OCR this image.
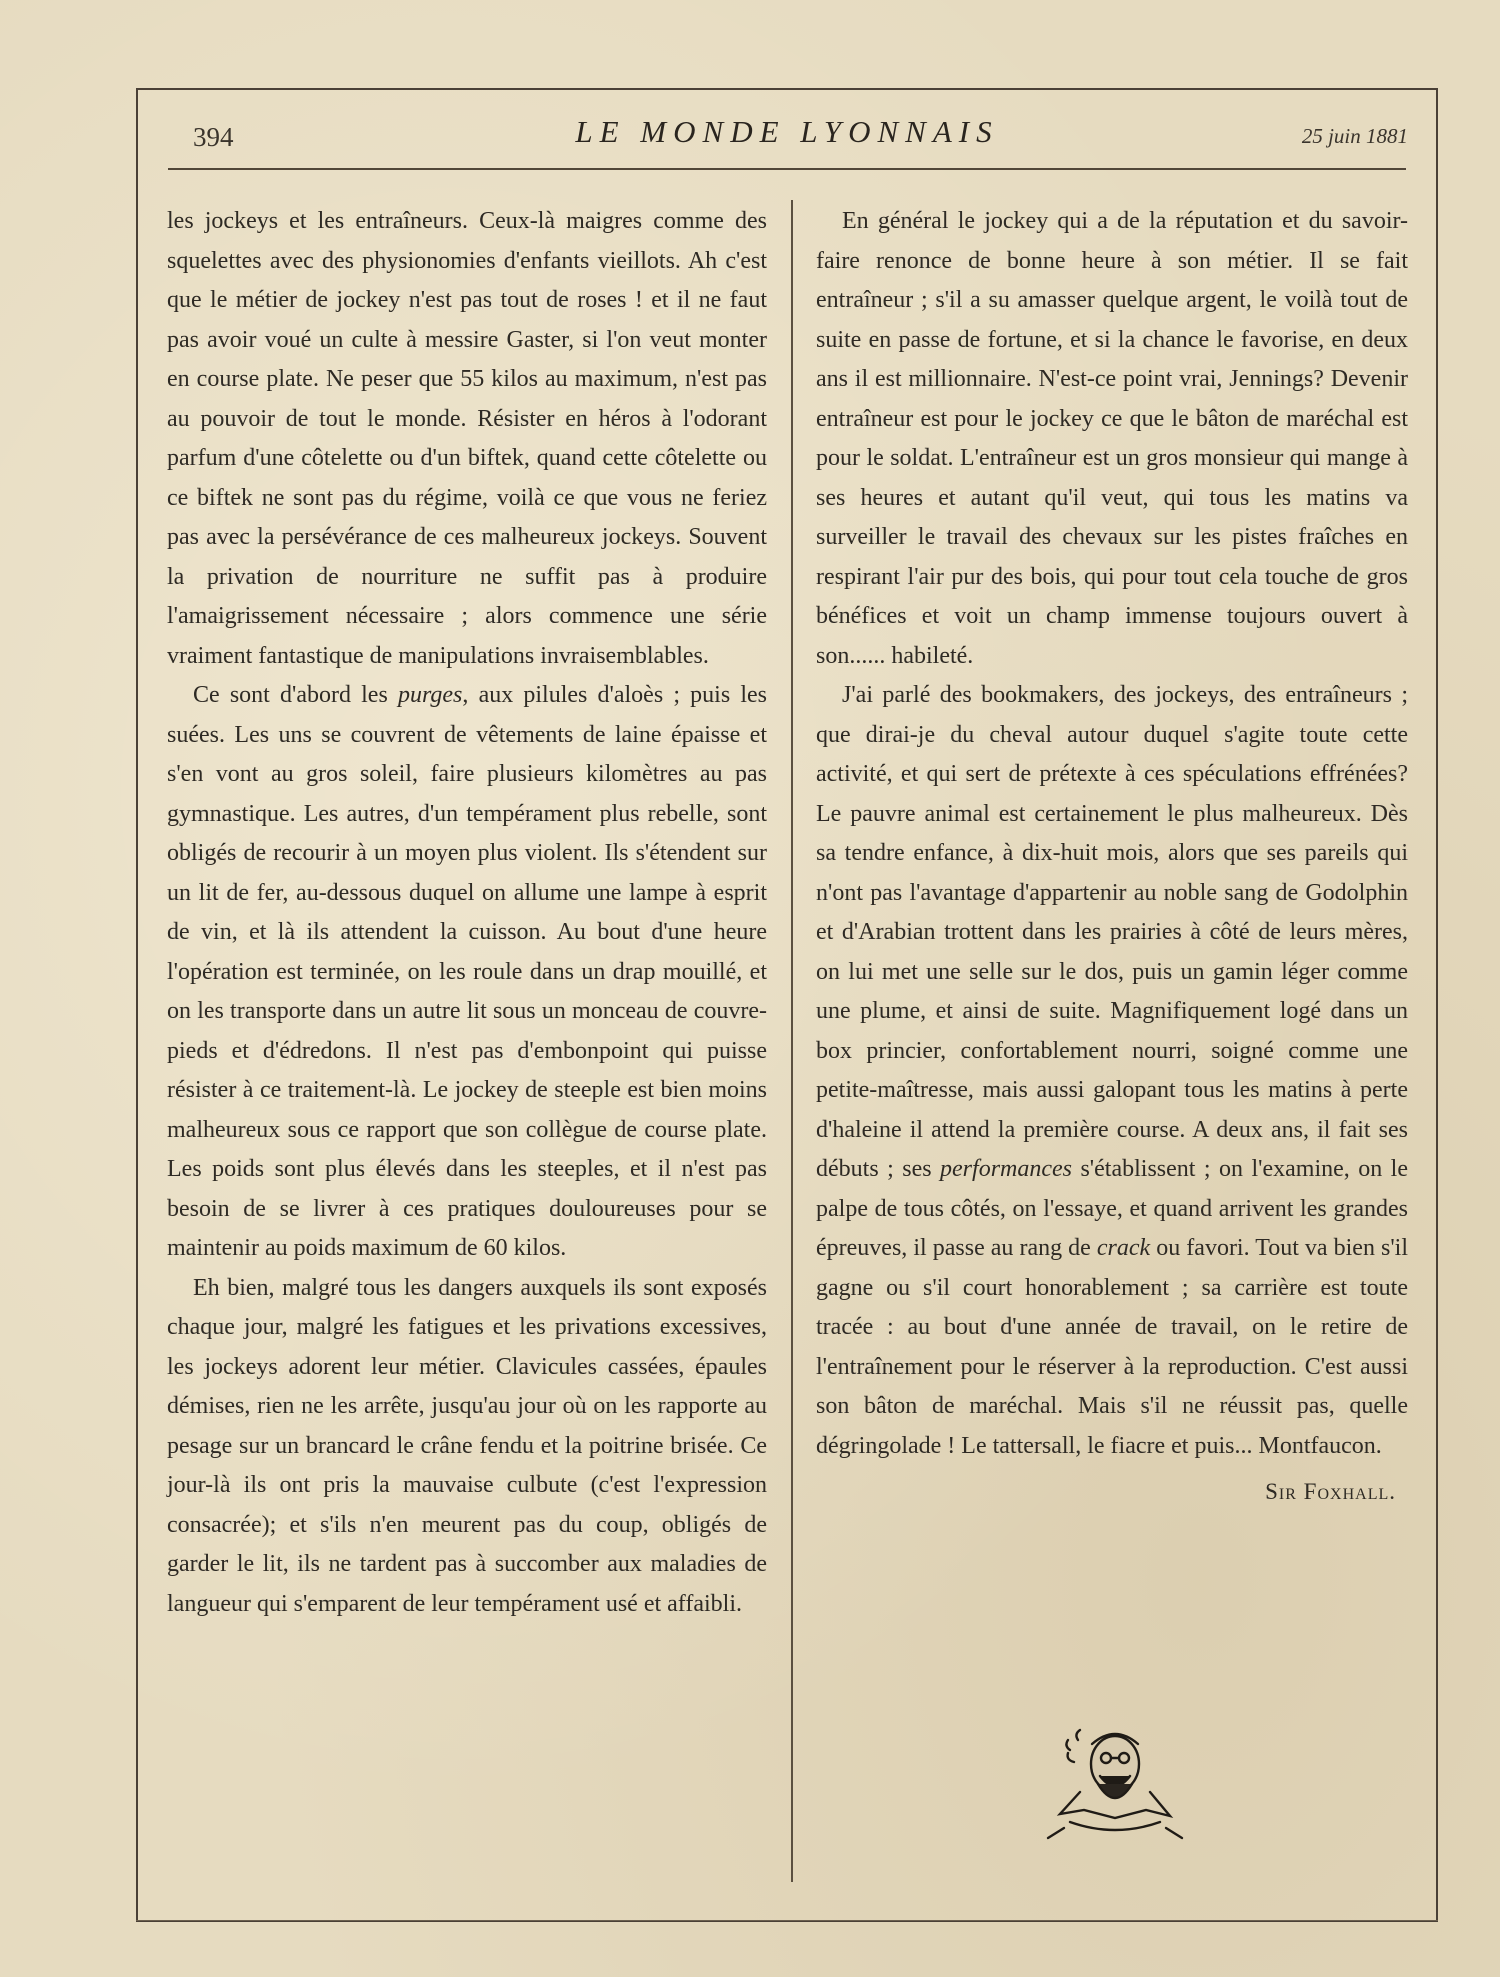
394	LE MONDE LYONNAIS	25 juin 1881

les jockeys et les entraîneurs. Ceux-là maigres comme des squelettes avec des physionomies d'enfants vieillots. Ah c'est que le métier de jockey n'est pas tout de roses ! et il ne faut pas avoir voué un culte à messire Gaster, si l'on veut monter en course plate. Ne peser que 55 kilos au maximum, n'est pas au pouvoir de tout le monde. Résister en héros à l'odorant parfum d'une côtelette ou d'un biftek, quand cette côtelette ou ce biftek ne sont pas du régime, voilà ce que vous ne feriez pas avec la persévérance de ces malheureux jockeys. Souvent la privation de nourriture ne suffit pas à produire l'amaigrissement nécessaire ; alors commence une série vraiment fantastique de manipulations invraisemblables.

Ce sont d'abord les purges, aux pilules d'aloès ; puis les suées. Les uns se couvrent de vêtements de laine épaisse et s'en vont au gros soleil, faire plusieurs kilomètres au pas gymnastique. Les autres, d'un tempérament plus rebelle, sont obligés de recourir à un moyen plus violent. Ils s'étendent sur un lit de fer, au-dessous duquel on allume une lampe à esprit de vin, et là ils attendent la cuisson. Au bout d'une heure l'opération est terminée, on les roule dans un drap mouillé, et on les transporte dans un autre lit sous un monceau de couvre-pieds et d'édredons. Il n'est pas d'embonpoint qui puisse résister à ce traitement-là. Le jockey de steeple est bien moins malheureux sous ce rapport que son collègue de course plate. Les poids sont plus élevés dans les steeples, et il n'est pas besoin de se livrer à ces pratiques douloureuses pour se maintenir au poids maximum de 60 kilos.

Eh bien, malgré tous les dangers auxquels ils sont exposés chaque jour, malgré les fatigues et les privations excessives, les jockeys adorent leur métier. Clavicules cassées, épaules démises, rien ne les arrête, jusqu'au jour où on les rapporte au pesage sur un brancard le crâne fendu et la poitrine brisée. Ce jour-là ils ont pris la mauvaise culbute (c'est l'expression consacrée); et s'ils n'en meurent pas du coup, obligés de garder le lit, ils ne tardent pas à succomber aux maladies de langueur qui s'emparent de leur tempérament usé et affaibli.

En général le jockey qui a de la réputation et du savoir-faire renonce de bonne heure à son métier. Il se fait entraîneur ; s'il a su amasser quelque argent, le voilà tout de suite en passe de fortune, et si la chance le favorise, en deux ans il est millionnaire. N'est-ce point vrai, Jennings? Devenir entraîneur est pour le jockey ce que le bâton de maréchal est pour le soldat. L'entraîneur est un gros monsieur qui mange à ses heures et autant qu'il veut, qui tous les matins va surveiller le travail des chevaux sur les pistes fraîches en respirant l'air pur des bois, qui pour tout cela touche de gros bénéfices et voit un champ immense toujours ouvert à son...... habileté.

J'ai parlé des bookmakers, des jockeys, des entraîneurs ; que dirai-je du cheval autour duquel s'agite toute cette activité, et qui sert de prétexte à ces spéculations effrénées? Le pauvre animal est certainement le plus malheureux. Dès sa tendre enfance, à dix-huit mois, alors que ses pareils qui n'ont pas l'avantage d'appartenir au noble sang de Godolphin et d'Arabian trottent dans les prairies à côté de leurs mères, on lui met une selle sur le dos, puis un gamin léger comme une plume, et ainsi de suite. Magnifiquement logé dans un box princier, confortablement nourri, soigné comme une petite-maîtresse, mais aussi galopant tous les matins à perte d'haleine il attend la première course. A deux ans, il fait ses débuts ; ses performances s'établissent ; on l'examine, on le palpe de tous côtés, on l'essaye, et quand arrivent les grandes épreuves, il passe au rang de crack ou favori. Tout va bien s'il gagne ou s'il court honorablement ; sa carrière est toute tracée : au bout d'une année de travail, on le retire de l'entraînement pour le réserver à la reproduction. C'est aussi son bâton de maréchal. Mais s'il ne réussit pas, quelle dégringolade ! Le tattersall, le fiacre et puis... Montfaucon.

Sir Foxhall.
